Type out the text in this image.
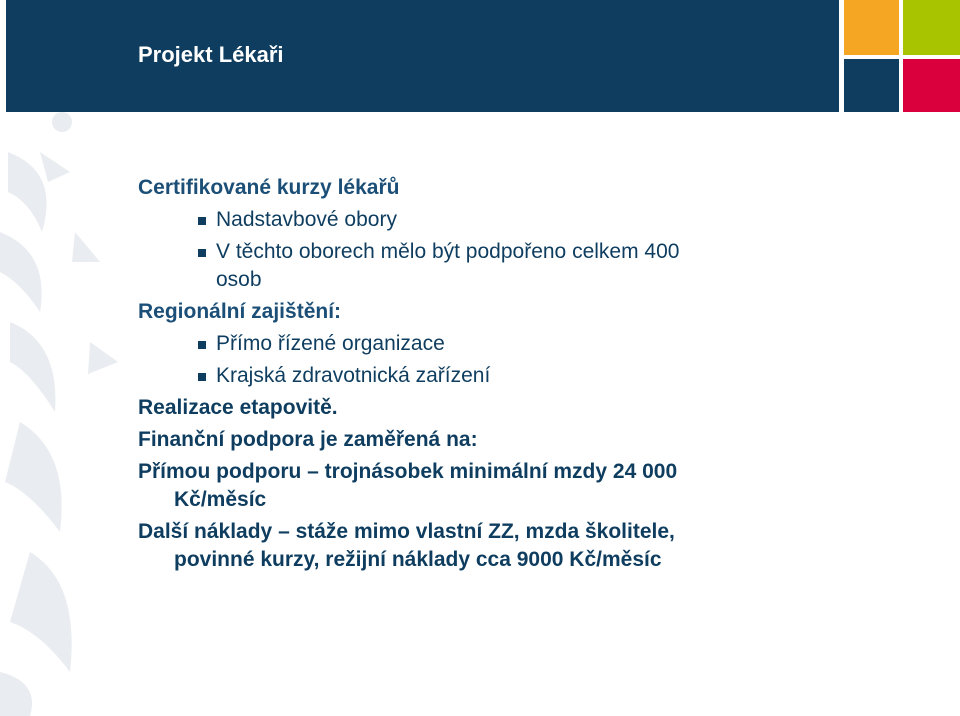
Projekt Lékaři

Certifikované kurzy lékařů

Nadstavbové obory

V těchto oborech mělo být podpořeno celkem 400

osob

Regionální zajištění:

Přímo řízené organizace

Krajská zdravotnická zařízení

Realizace etapovitě.

Finanční podpora je zaměřená na:

Přímou podporu – trojnásobek minimální mzdy 24 000

Kč/měsíc

Další náklady – stáže mimo vlastní ZZ, mzda školitele,

povinné kurzy, režijní náklady cca 9000 Kč/měsíc
